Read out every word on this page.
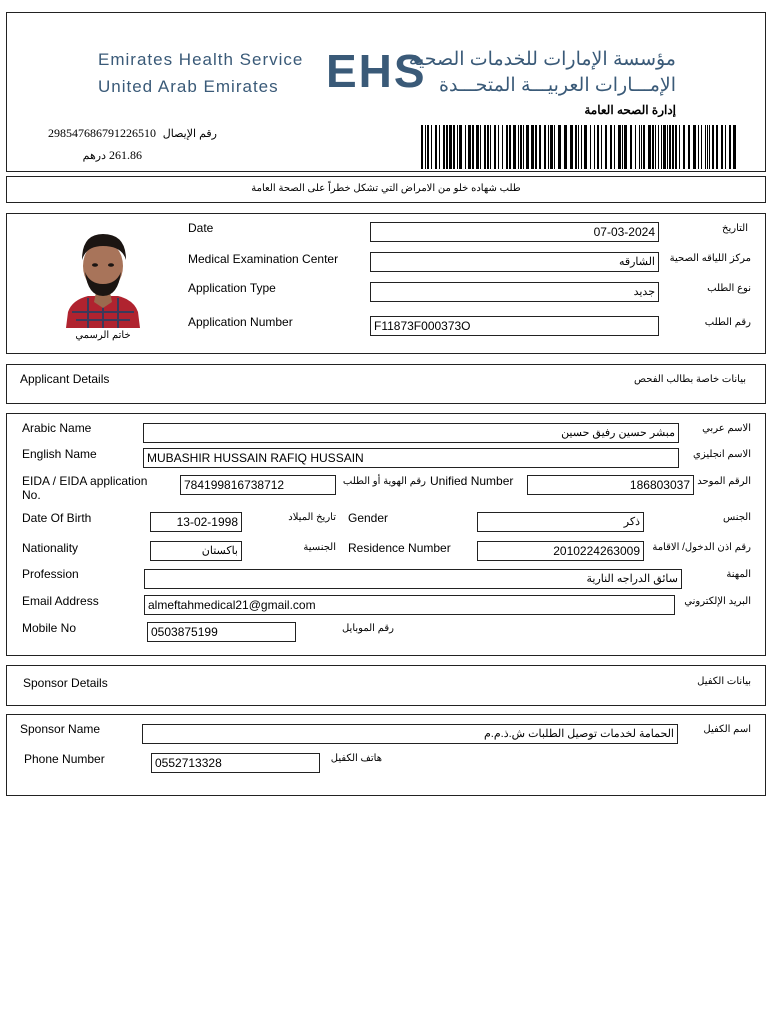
Emirates Health Service
United Arab Emirates EHS
مؤسسة الإمارات للخدمات الصحية
الإمـــارات العربيـــة المتحـــدة
إدارة الصحه العامة
رقم الإيصال
298547686791226510
261.86
درهم
طلب شهاده خلو من الامراض التي تشكل خطراً على الصحة العامة
خاتم الرسمي
Date	07-03-2024	التاريخ
Medical Examination Center	الشارقه	مركز اللياقه الصحية
Application Type	جديد	نوع الطلب
Application Number	F11873F000373O	رقم الطلب
Applicant Details	بيانات خاصة بطالب الفحص
Arabic Name	مبشر حسين رفيق حسين	الاسم عربي
English Name	MUBASHIR HUSSAIN RAFIQ HUSSAIN	الاسم انجليزي
EIDA / EIDA application
No.
784199816738712	رقم الهوية أو الطلب Unified Number	186803037 الرقم الموحد
Date Of Birth	13-02-1998	تاريخ الميلاد Gender	ذكر	الجنس
Nationality	باكستان	الجنسية Residence Number	2010224263009	رقم اذن الدخول/ الاقامة
Profession	سائق الدراجه النارية	المهنة
Email Address	almeftahmedical21@gmail.com	البريد الإلكتروني
Mobile No	0503875199	رقم الموبايل
Sponsor Details	بيانات الكفيل
Sponsor Name	الحمامة لخدمات توصيل الطلبات ش.ذ.م.م	اسم الكفيل
Phone Number	0552713328	هاتف الكفيل
